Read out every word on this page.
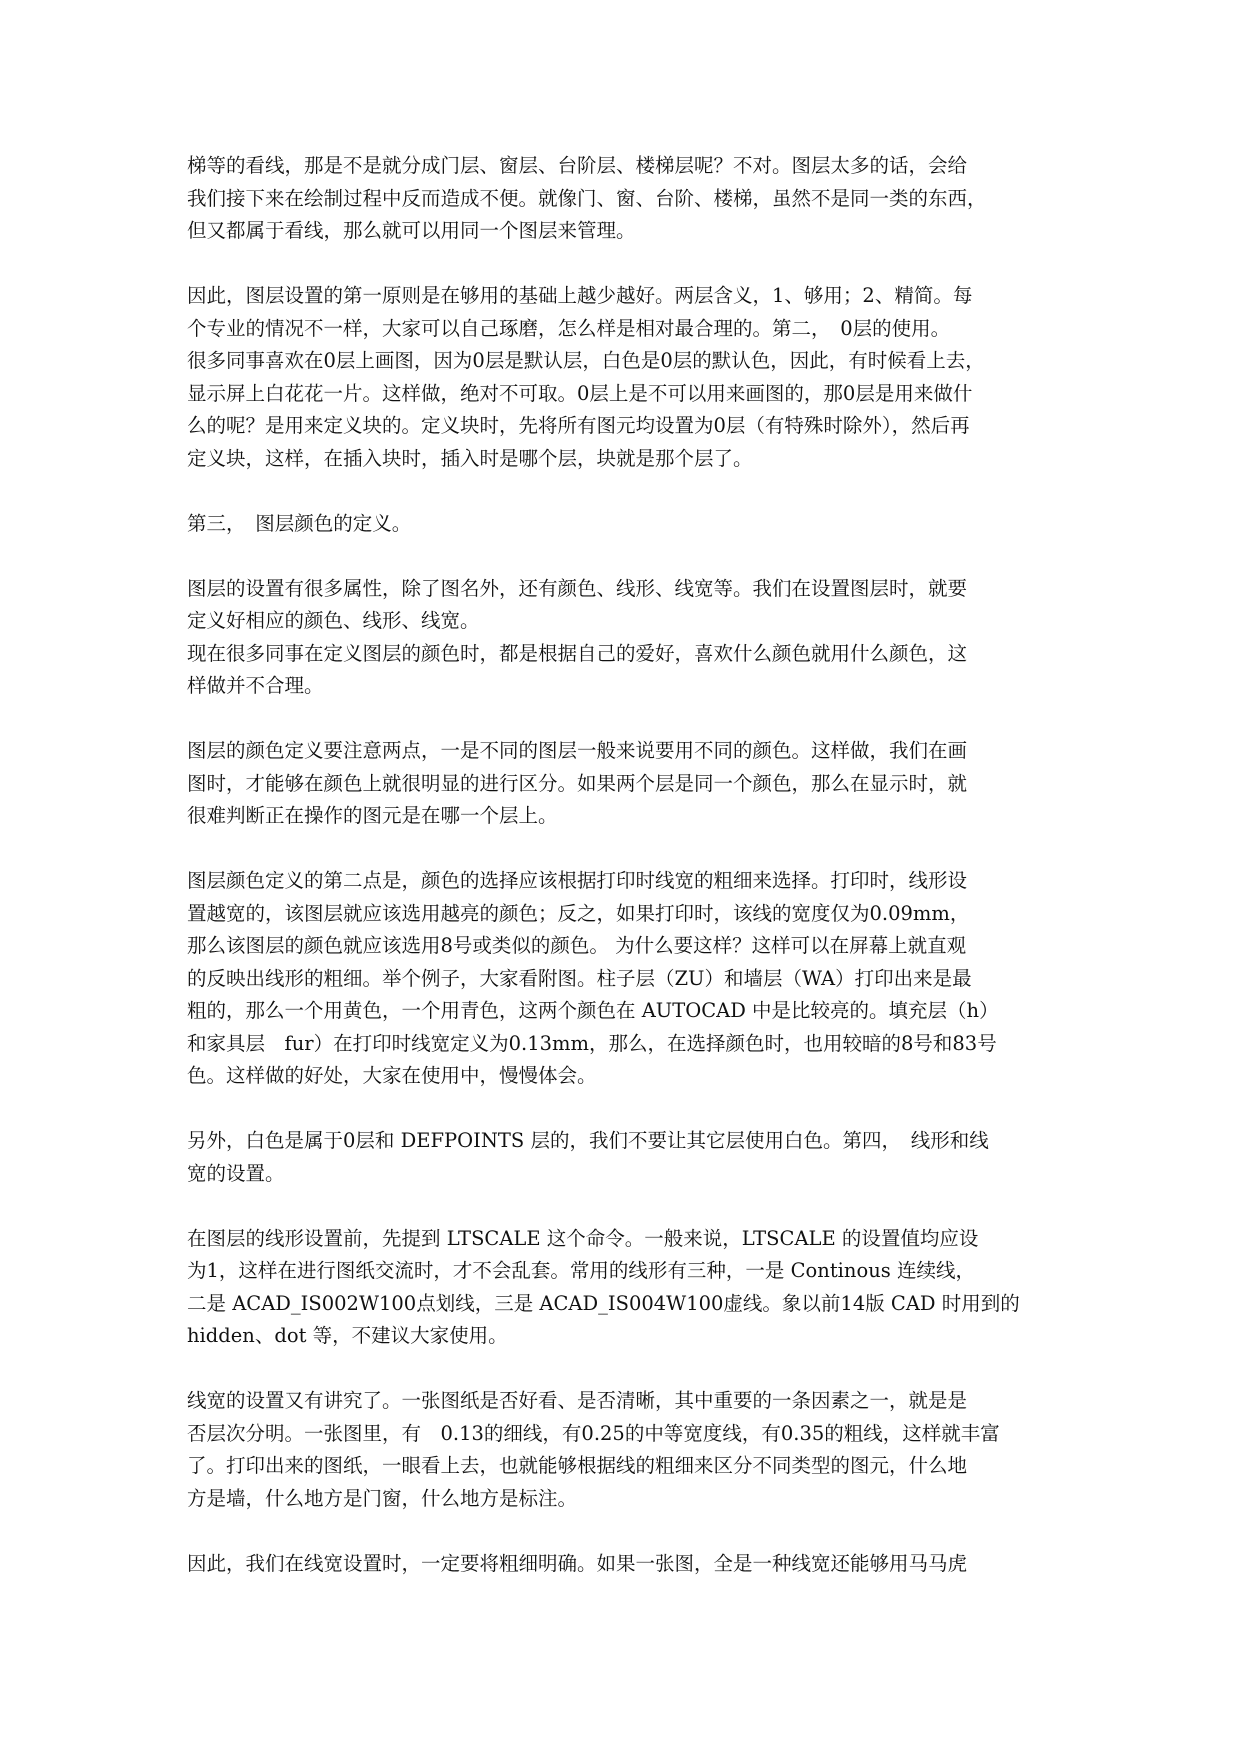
梯等的看线，那是不是就分成门层、窗层、台阶层、楼梯层呢？不对。图层太多的话，会给
我们接下来在绘制过程中反而造成不便。就像门、窗、台阶、楼梯，虽然不是同一类的东西，
但又都属于看线，那么就可以用同一个图层来管理。

因此，图层设置的第一原则是在够用的基础上越少越好。两层含义，1、够用；2、精简。每
个专业的情况不一样，大家可以自己琢磨，怎么样是相对最合理的。第二，　0层的使用。
很多同事喜欢在0层上画图，因为0层是默认层，白色是0层的默认色，因此，有时候看上去，
显示屏上白花花一片。这样做，绝对不可取。0层上是不可以用来画图的，那0层是用来做什
么的呢？是用来定义块的。定义块时，先将所有图元均设置为0层（有特殊时除外），然后再
定义块，这样，在插入块时，插入时是哪个层，块就是那个层了。

第三，　图层颜色的定义。

图层的设置有很多属性，除了图名外，还有颜色、线形、线宽等。我们在设置图层时，就要
定义好相应的颜色、线形、线宽。

现在很多同事在定义图层的颜色时，都是根据自己的爱好，喜欢什么颜色就用什么颜色，这
样做并不合理。

图层的颜色定义要注意两点，一是不同的图层一般来说要用不同的颜色。这样做，我们在画
图时，才能够在颜色上就很明显的进行区分。如果两个层是同一个颜色，那么在显示时，就
很难判断正在操作的图元是在哪一个层上。

图层颜色定义的第二点是，颜色的选择应该根据打印时线宽的粗细来选择。打印时，线形设
置越宽的，该图层就应该选用越亮的颜色；反之，如果打印时，该线的宽度仅为0.09mm，
那么该图层的颜色就应该选用8号或类似的颜色。 为什么要这样？这样可以在屏幕上就直观
的反映出线形的粗细。举个例子，大家看附图。柱子层（ZU）和墙层（WA）打印出来是最
粗的，那么一个用黄色，一个用青色，这两个颜色在 AUTOCAD 中是比较亮的。填充层（h）
和家具层　fur）在打印时线宽定义为0.13mm，那么，在选择颜色时，也用较暗的8号和83号
色。这样做的好处，大家在使用中，慢慢体会。

另外，白色是属于0层和 DEFPOINTS 层的，我们不要让其它层使用白色。第四，　线形和线
宽的设置。

在图层的线形设置前，先提到 LTSCALE 这个命令。一般来说，LTSCALE 的设置值均应设
为1，这样在进行图纸交流时，才不会乱套。常用的线形有三种，一是 Continous 连续线，
二是 ACAD_IS002W100点划线，三是 ACAD_IS004W100虚线。象以前14版 CAD 时用到的
hidden、dot 等，不建议大家使用。

线宽的设置又有讲究了。一张图纸是否好看、是否清晰，其中重要的一条因素之一，就是是
否层次分明。一张图里，有　0.13的细线，有0.25的中等宽度线，有0.35的粗线，这样就丰富
了。打印出来的图纸，一眼看上去，也就能够根据线的粗细来区分不同类型的图元，什么地
方是墙，什么地方是门窗，什么地方是标注。

因此，我们在线宽设置时，一定要将粗细明确。如果一张图，全是一种线宽还能够用马马虎
